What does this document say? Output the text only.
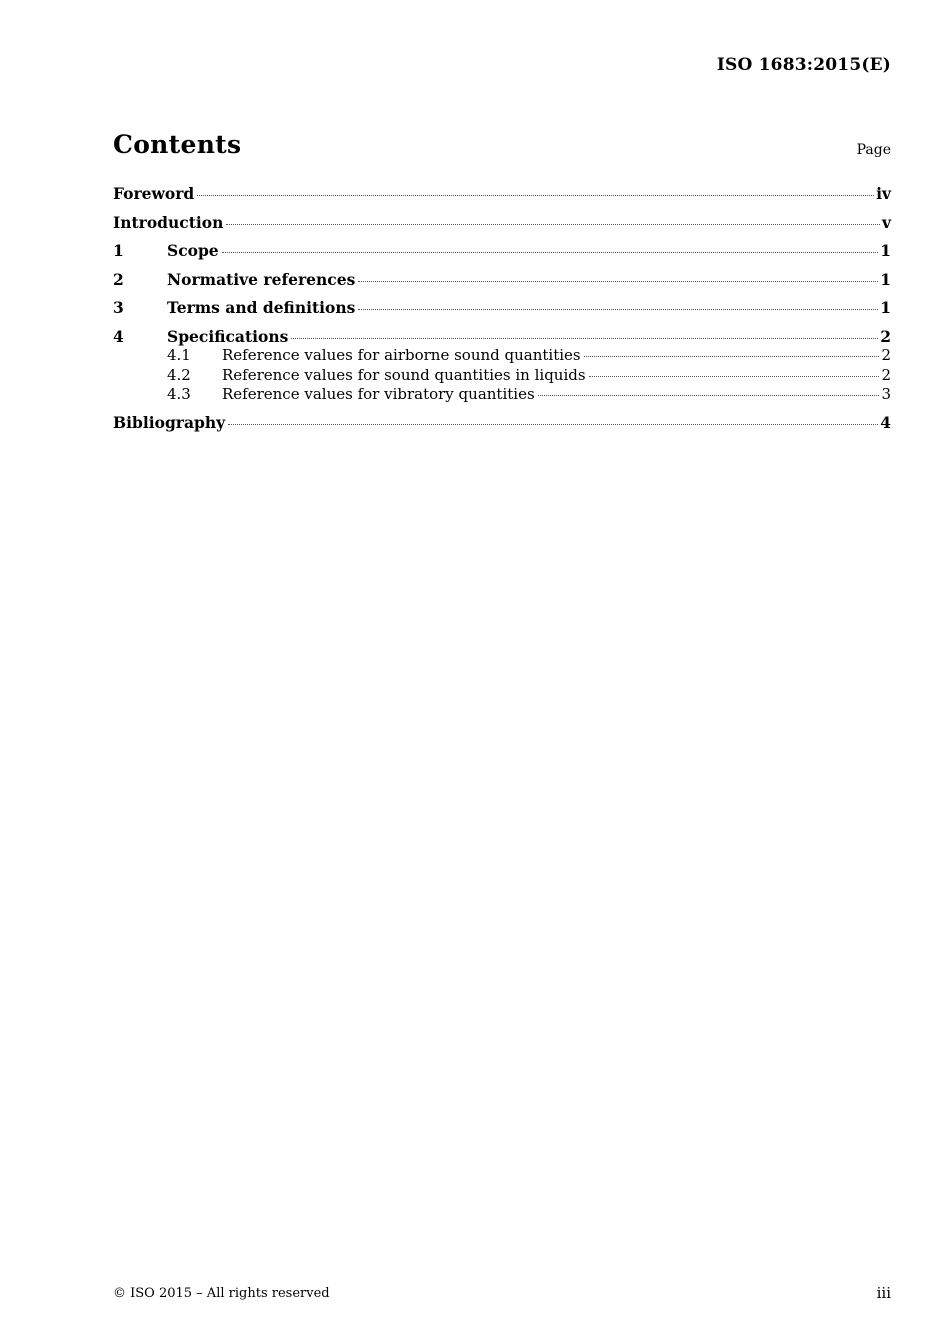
ISO 1683:2015(E)
Contents	Page
Foreword	iv
Introduction	v
1	Scope	1
2	Normative references	1
3	Terms and definitions	1
4	Specifications	2
4.1	Reference values for airborne sound quantities	2
4.2	Reference values for sound quantities in liquids	2
4.3	Reference values for vibratory quantities	3
Bibliography	4
© ISO 2015 – All rights reserved	iii
